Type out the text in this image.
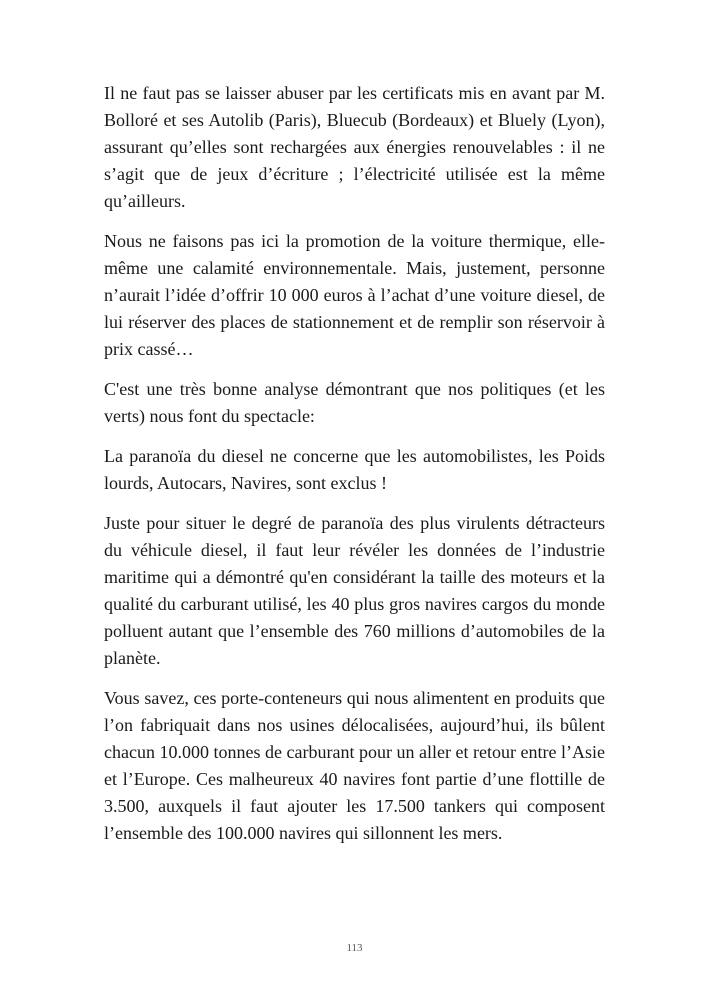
Il ne faut pas se laisser abuser par les certificats mis en avant par M. Bolloré et ses Autolib (Paris), Bluecub (Bordeaux) et Bluely (Lyon), assurant qu’elles sont rechargées aux énergies renouvelables : il ne s’agit que de jeux d’écriture ; l’électricité utilisée est la même qu’ailleurs.

Nous ne faisons pas ici la promotion de la voiture thermique, elle-même une calamité environnementale. Mais, justement, personne n’aurait l’idée d’offrir 10 000 euros à l’achat d’une voiture diesel, de lui réserver des places de stationnement et de remplir son réservoir à prix cassé…

C'est une très bonne analyse démontrant que nos politiques (et les verts) nous font du spectacle:

La paranoïa du diesel ne concerne que les automobilistes, les Poids lourds, Autocars, Navires, sont exclus !

Juste pour situer le degré de paranoïa des plus virulents détracteurs du véhicule diesel, il faut leur révéler les données de l’industrie maritime qui a démontré qu'en considérant la taille des moteurs et la qualité du carburant utilisé, les 40 plus gros navires cargos du monde polluent autant que l’ensemble des 760 millions d’automobiles de la planète.

Vous savez, ces porte-conteneurs qui nous alimentent en produits que l’on fabriquait dans nos usines délocalisées, aujourd’hui, ils bûlent chacun 10.000 tonnes de carburant pour un aller et retour entre l’Asie et l’Europe. Ces malheureux 40 navires font partie d’une flottille de 3.500, auxquels il faut ajouter les 17.500 tankers qui composent l’ensemble des 100.000 navires qui sillonnent les mers.

113
